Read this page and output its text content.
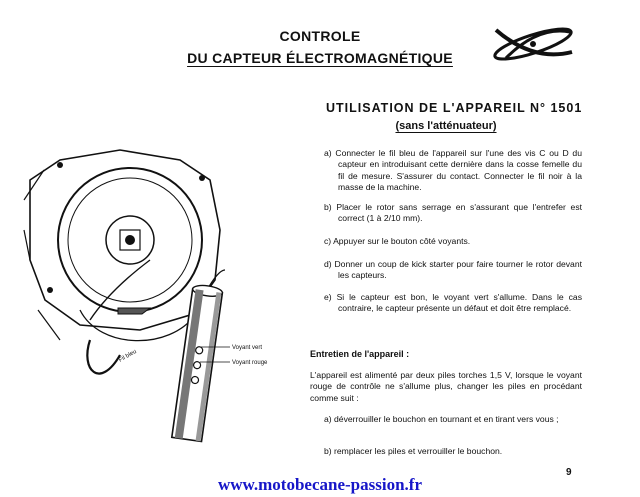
CONTROLE
DU CAPTEUR ÉLECTROMAGNÉTIQUE
UTILISATION DE L'APPAREIL N° 1501
(sans l'atténuateur)
a) Connecter le fil bleu de l'appareil sur l'une des vis C ou D du capteur en introduisant cette dernière dans la cosse femelle du fil de mesure. S'assurer du contact. Connecter le fil noir à la masse de la machine.
b) Placer le rotor sans serrage en s'assurant que l'entrefer est correct (1 à 2/10 mm).
c) Appuyer sur le bouton côté voyants.
d) Donner un coup de kick starter pour faire tourner le rotor devant les capteurs.
e) Si le capteur est bon, le voyant vert s'allume. Dans le cas contraire, le capteur présente un défaut et doit être remplacé.
Entretien de l'appareil :
L'appareil est alimenté par deux piles torches 1,5 V, lorsque le voyant rouge de contrôle ne s'allume plus, changer les piles en procédant comme suit :
a) déverrouiller le bouchon en tournant et en tirant vers vous ;
b) remplacer les piles et verrouiller le bouchon.
9
www.motobecane-passion.fr
Voyant vert
Voyant rouge
Fil bleu
